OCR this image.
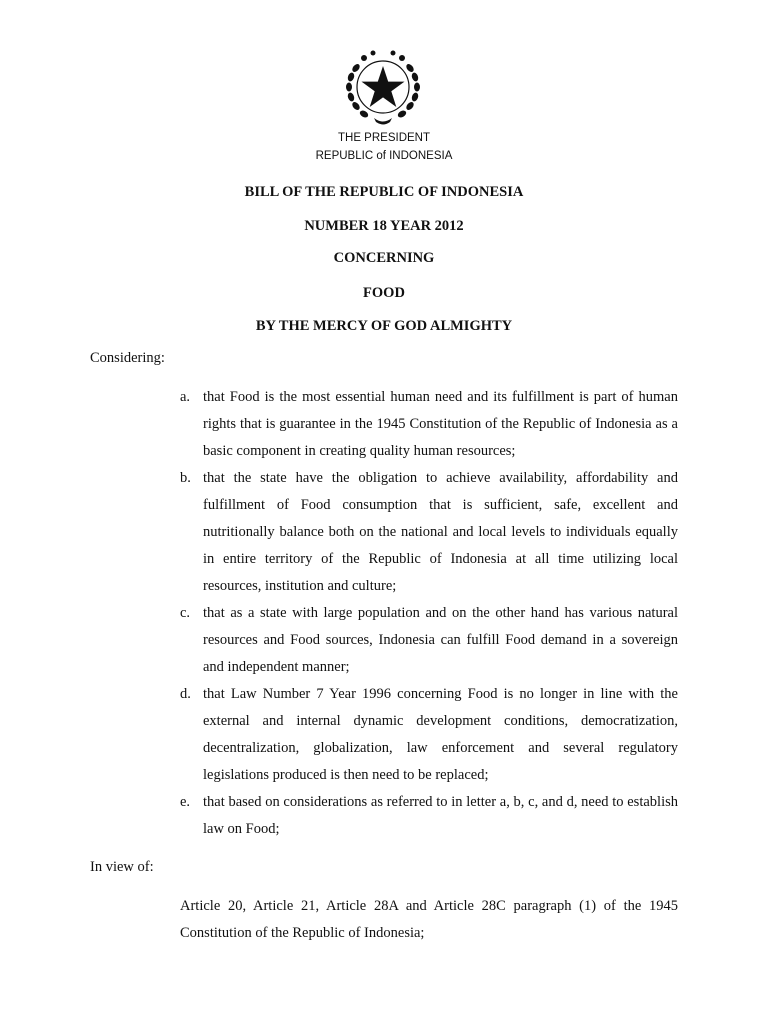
THE PRESIDENT
REPUBLIC of INDONESIA
BILL OF THE REPUBLIC OF INDONESIA
NUMBER 18 YEAR 2012
CONCERNING
FOOD
BY THE MERCY OF GOD ALMIGHTY
Considering:
a. that Food is the most essential human need and its fulfillment is part of human rights that is guarantee in the 1945 Constitution of the Republic of Indonesia as a basic component in creating quality human resources;
b. that the state have the obligation to achieve availability, affordability and fulfillment of Food consumption that is sufficient, safe, excellent and nutritionally balance both on the national and local levels to individuals equally in entire territory of the Republic of Indonesia at all time utilizing local resources, institution and culture;
c. that as a state with large population and on the other hand has various natural resources and Food sources, Indonesia can fulfill Food demand in a sovereign and independent manner;
d. that Law Number 7 Year 1996 concerning Food is no longer in line with the external and internal dynamic development conditions, democratization, decentralization, globalization, law enforcement and several regulatory legislations produced is then need to be replaced;
e. that based on considerations as referred to in letter a, b, c, and d, need to establish law on Food;
In view of:
Article 20, Article 21, Article 28A and Article 28C paragraph (1) of the 1945 Constitution of the Republic of Indonesia;
